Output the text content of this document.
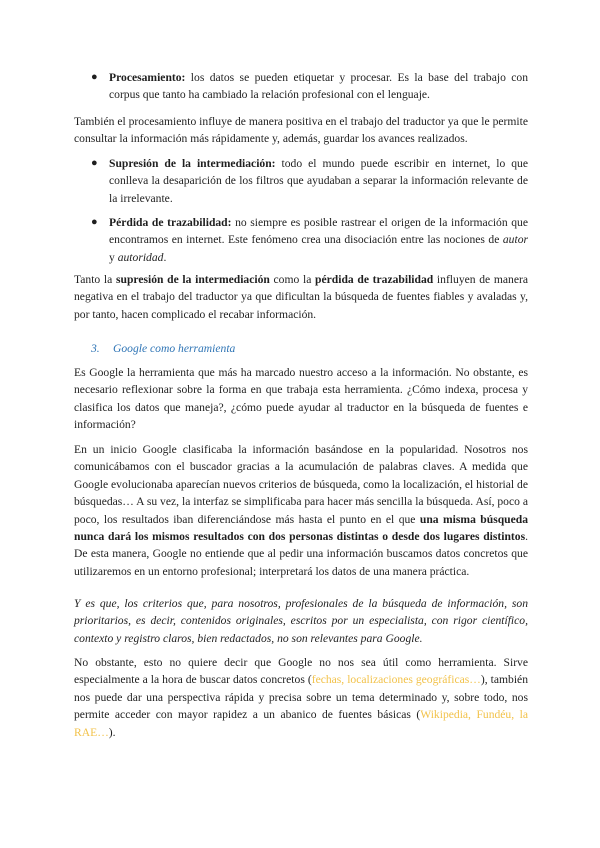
● Procesamiento: los datos se pueden etiquetar y procesar. Es la base del trabajo con corpus que tanto ha cambiado la relación profesional con el lenguaje.
También el procesamiento influye de manera positiva en el trabajo del traductor ya que le permite consultar la información más rápidamente y, además, guardar los avances realizados.
● Supresión de la intermediación: todo el mundo puede escribir en internet, lo que conlleva la desaparición de los filtros que ayudaban a separar la información relevante de la irrelevante.
● Pérdida de trazabilidad: no siempre es posible rastrear el origen de la información que encontramos en internet. Este fenómeno crea una disociación entre las nociones de autor y autoridad.
Tanto la supresión de la intermediación como la pérdida de trazabilidad influyen de manera negativa en el trabajo del traductor ya que dificultan la búsqueda de fuentes fiables y avaladas y, por tanto, hacen complicado el recabar información.
3. Google como herramienta
Es Google la herramienta que más ha marcado nuestro acceso a la información. No obstante, es necesario reflexionar sobre la forma en que trabaja esta herramienta. ¿Cómo indexa, procesa y clasifica los datos que maneja?, ¿cómo puede ayudar al traductor en la búsqueda de fuentes e información?
En un inicio Google clasificaba la información basándose en la popularidad. Nosotros nos comunicábamos con el buscador gracias a la acumulación de palabras claves. A medida que Google evolucionaba aparecían nuevos criterios de búsqueda, como la localización, el historial de búsquedas… A su vez, la interfaz se simplificaba para hacer más sencilla la búsqueda. Así, poco a poco, los resultados iban diferenciándose más hasta el punto en el que una misma búsqueda nunca dará los mismos resultados con dos personas distintas o desde dos lugares distintos. De esta manera, Google no entiende que al pedir una información buscamos datos concretos que utilizaremos en un entorno profesional; interpretará los datos de una manera práctica.
Y es que, los criterios que, para nosotros, profesionales de la búsqueda de información, son prioritarios, es decir, contenidos originales, escritos por un especialista, con rigor científico, contexto y registro claros, bien redactados, no son relevantes para Google.
No obstante, esto no quiere decir que Google no nos sea útil como herramienta. Sirve especialmente a la hora de buscar datos concretos (fechas, localizaciones geográficas…), también nos puede dar una perspectiva rápida y precisa sobre un tema determinado y, sobre todo, nos permite acceder con mayor rapidez a un abanico de fuentes básicas (Wikipedia, Fundéu, la RAE…).
